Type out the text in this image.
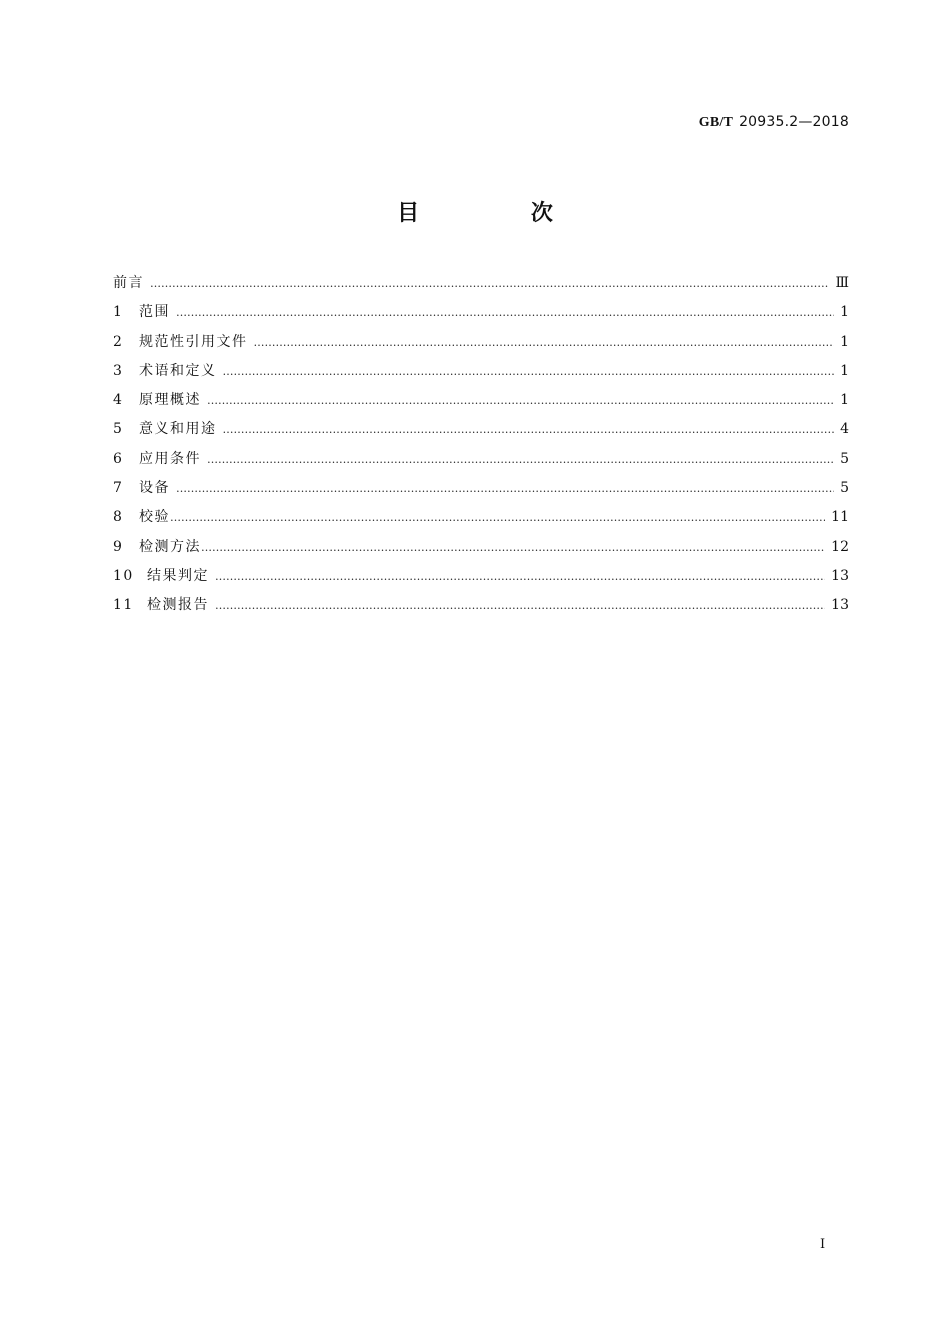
GB/T 20935.2—2018
目 次
前言 ………………………………………………………………………………………………………………………………………………………………………………………………………………………………………………	Ⅲ
1	范围 ………………………………………………………………………………………………………………………………………………………………………………………………………………………………………………	1
2	规范性引用文件 ………………………………………………………………………………………………………………………………………………………………………………………………………………………………………………	1
3	术语和定义 ………………………………………………………………………………………………………………………………………………………………………………………………………………………………………………	1
4	原理概述 ………………………………………………………………………………………………………………………………………………………………………………………………………………………………………………	1
5	意义和用途 ………………………………………………………………………………………………………………………………………………………………………………………………………………………………………………	4
6	应用条件 ………………………………………………………………………………………………………………………………………………………………………………………………………………………………………………	5
7	设备 ………………………………………………………………………………………………………………………………………………………………………………………………………………………………………………	5
8	校验 ………………………………………………………………………………………………………………………………………………………………………………………………………………………………………………	11
9	检测方法 ………………………………………………………………………………………………………………………………………………………………………………………………………………………………………………	12
10 结果判定 ………………………………………………………………………………………………………………………………………………………………………………………………………………………………………………	13
11 检测报告 ………………………………………………………………………………………………………………………………………………………………………………………………………………………………………………	13
I
